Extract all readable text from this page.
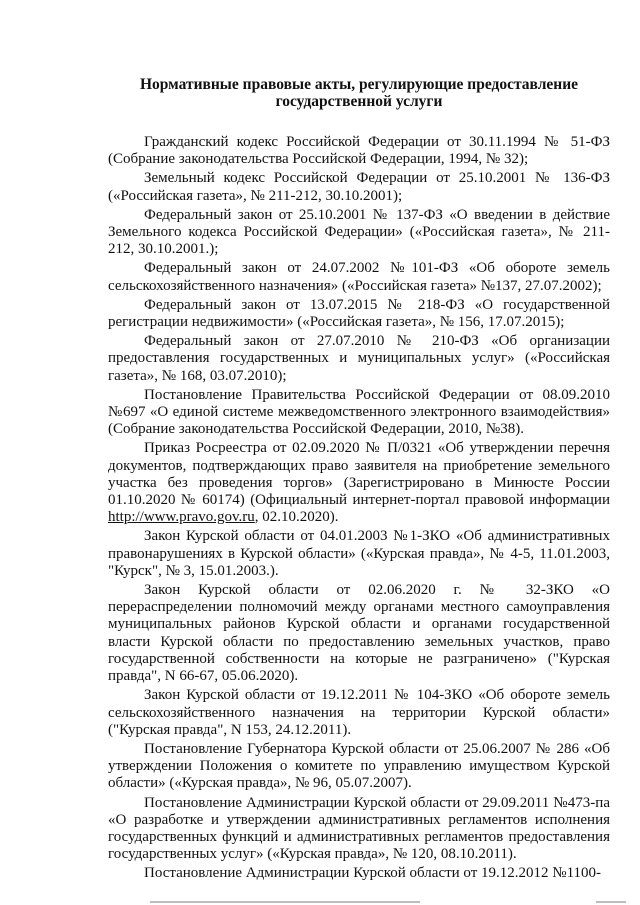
Нормативные правовые акты, регулирующие предоставление государственной услуги

Гражданский кодекс Российской Федерации от 30.11.1994 № 51-ФЗ (Собрание законодательства Российской Федерации, 1994, № 32);

Земельный кодекс Российской Федерации от 25.10.2001 № 136-ФЗ («Российская газета», № 211-212, 30.10.2001);

Федеральный закон от 25.10.2001 № 137-ФЗ «О введении в действие Земельного кодекса Российской Федерации» («Российская газета», № 211-212, 30.10.2001.);

Федеральный закон от 24.07.2002 №101-ФЗ «Об обороте земель сельскохозяйственного назначения» («Российская газета» №137, 27.07.2002);

Федеральный закон от 13.07.2015 № 218-ФЗ «О государственной регистрации недвижимости» («Российская газета», № 156, 17.07.2015);

Федеральный закон от 27.07.2010 № 210-ФЗ «Об организации предоставления государственных и муниципальных услуг» («Российская газета», № 168, 03.07.2010);

Постановление Правительства Российской Федерации от 08.09.2010 №697 «О единой системе межведомственного электронного взаимодействия» (Собрание законодательства Российской Федерации, 2010, №38).

Приказ Росреестра от 02.09.2020 № П/0321 «Об утверждении перечня документов, подтверждающих право заявителя на приобретение земельного участка без проведения торгов» (Зарегистрировано в Минюсте России 01.10.2020 № 60174) (Официальный интернет-портал правовой информации http://www.pravo.gov.ru, 02.10.2020).

Закон Курской области от 04.01.2003 №1-ЗКО «Об административных правонарушениях в Курской области» («Курская правда», № 4-5, 11.01.2003, "Курск", № 3, 15.01.2003.).

Закон Курской области от 02.06.2020 г. № 32-ЗКО «О перераспределении полномочий между органами местного самоуправления муниципальных районов Курской области и органами государственной власти Курской области по предоставлению земельных участков, право государственной собственности на которые не разграничено» ("Курская правда", N 66-67, 05.06.2020).

Закон Курской области от 19.12.2011 № 104-ЗКО «Об обороте земель сельскохозяйственного назначения на территории Курской области» ("Курская правда", N 153, 24.12.2011).

Постановление Губернатора Курской области от 25.06.2007 № 286 «Об утверждении Положения о комитете по управлению имуществом Курской области» («Курская правда», № 96, 05.07.2007).

Постановление Администрации Курской области от 29.09.2011 №473-па «О разработке и утверждении административных регламентов исполнения государственных функций и административных регламентов предоставления государственных услуг» («Курская правда», № 120, 08.10.2011).

Постановление Администрации Курской области от 19.12.2012 №1100-
